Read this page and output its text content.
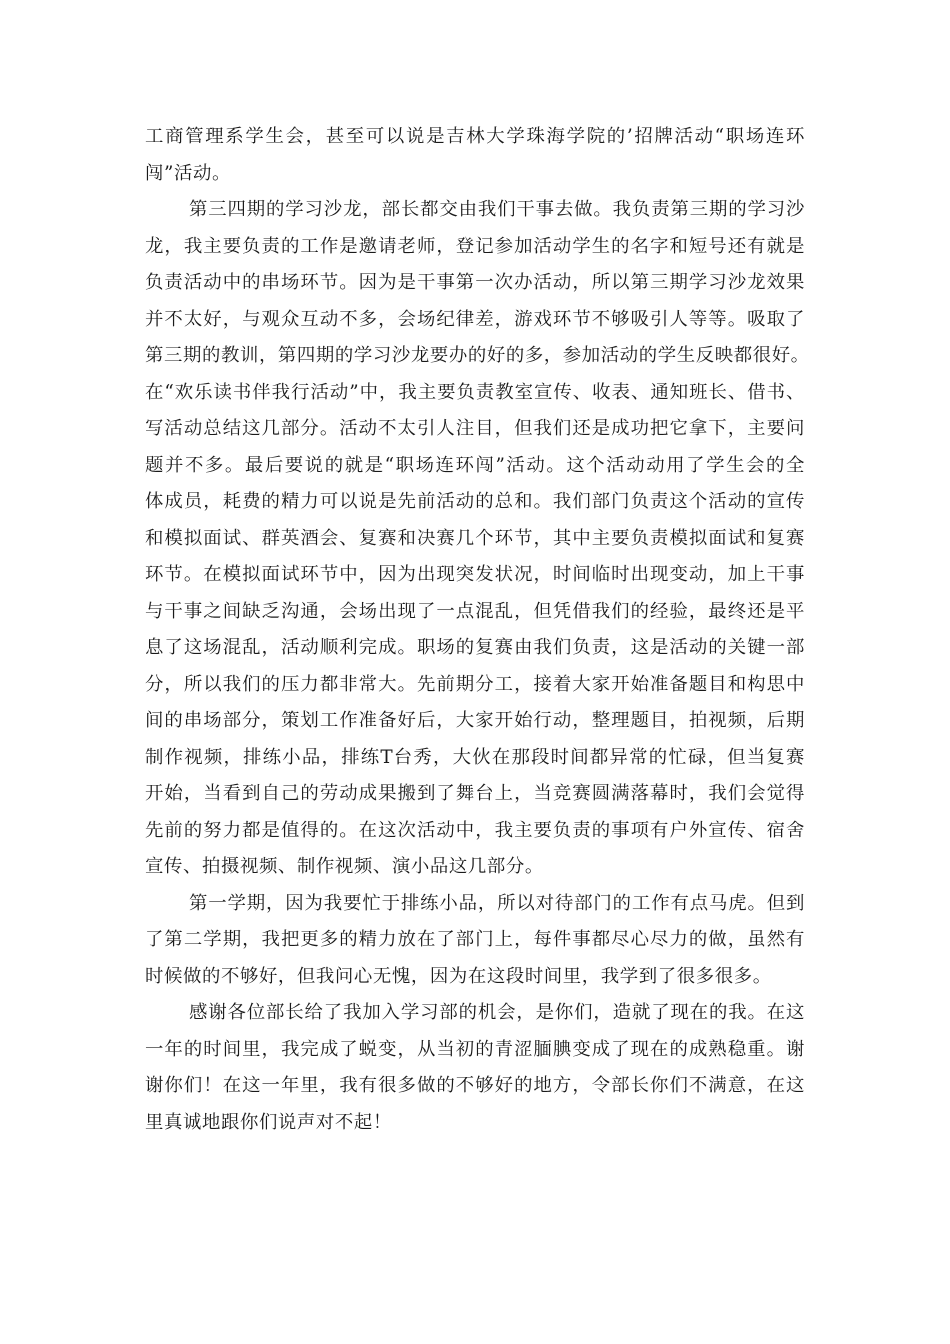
工商管理系学生会，甚至可以说是吉林大学珠海学院的’招牌活动“职场连环
闯”活动。

第三四期的学习沙龙，部长都交由我们干事去做。我负责第三期的学习沙
龙，我主要负责的工作是邀请老师，登记参加活动学生的名字和短号还有就是
负责活动中的串场环节。因为是干事第一次办活动，所以第三期学习沙龙效果
并不太好，与观众互动不多，会场纪律差，游戏环节不够吸引人等等。吸取了
第三期的教训，第四期的学习沙龙要办的好的多，参加活动的学生反映都很好。
在“欢乐读书伴我行活动”中，我主要负责教室宣传、收表、通知班长、借书、
写活动总结这几部分。活动不太引人注目，但我们还是成功把它拿下，主要问
题并不多。最后要说的就是“职场连环闯”活动。这个活动动用了学生会的全
体成员，耗费的精力可以说是先前活动的总和。我们部门负责这个活动的宣传
和模拟面试、群英酒会、复赛和决赛几个环节，其中主要负责模拟面试和复赛
环节。在模拟面试环节中，因为出现突发状况，时间临时出现变动，加上干事
与干事之间缺乏沟通，会场出现了一点混乱，但凭借我们的经验，最终还是平
息了这场混乱，活动顺利完成。职场的复赛由我们负责，这是活动的关键一部
分，所以我们的压力都非常大。先前期分工，接着大家开始准备题目和构思中
间的串场部分，策划工作准备好后，大家开始行动，整理题目，拍视频，后期
制作视频，排练小品，排练T台秀，大伙在那段时间都异常的忙碌，但当复赛
开始，当看到自己的劳动成果搬到了舞台上，当竞赛圆满落幕时，我们会觉得
先前的努力都是值得的。在这次活动中，我主要负责的事项有户外宣传、宿舍
宣传、拍摄视频、制作视频、演小品这几部分。

第一学期，因为我要忙于排练小品，所以对待部门的工作有点马虎。但到
了第二学期，我把更多的精力放在了部门上，每件事都尽心尽力的做，虽然有
时候做的不够好，但我问心无愧，因为在这段时间里，我学到了很多很多。

感谢各位部长给了我加入学习部的机会，是你们，造就了现在的我。在这
一年的时间里，我完成了蜕变，从当初的青涩腼腆变成了现在的成熟稳重。谢
谢你们！在这一年里，我有很多做的不够好的地方，令部长你们不满意，在这
里真诚地跟你们说声对不起！
